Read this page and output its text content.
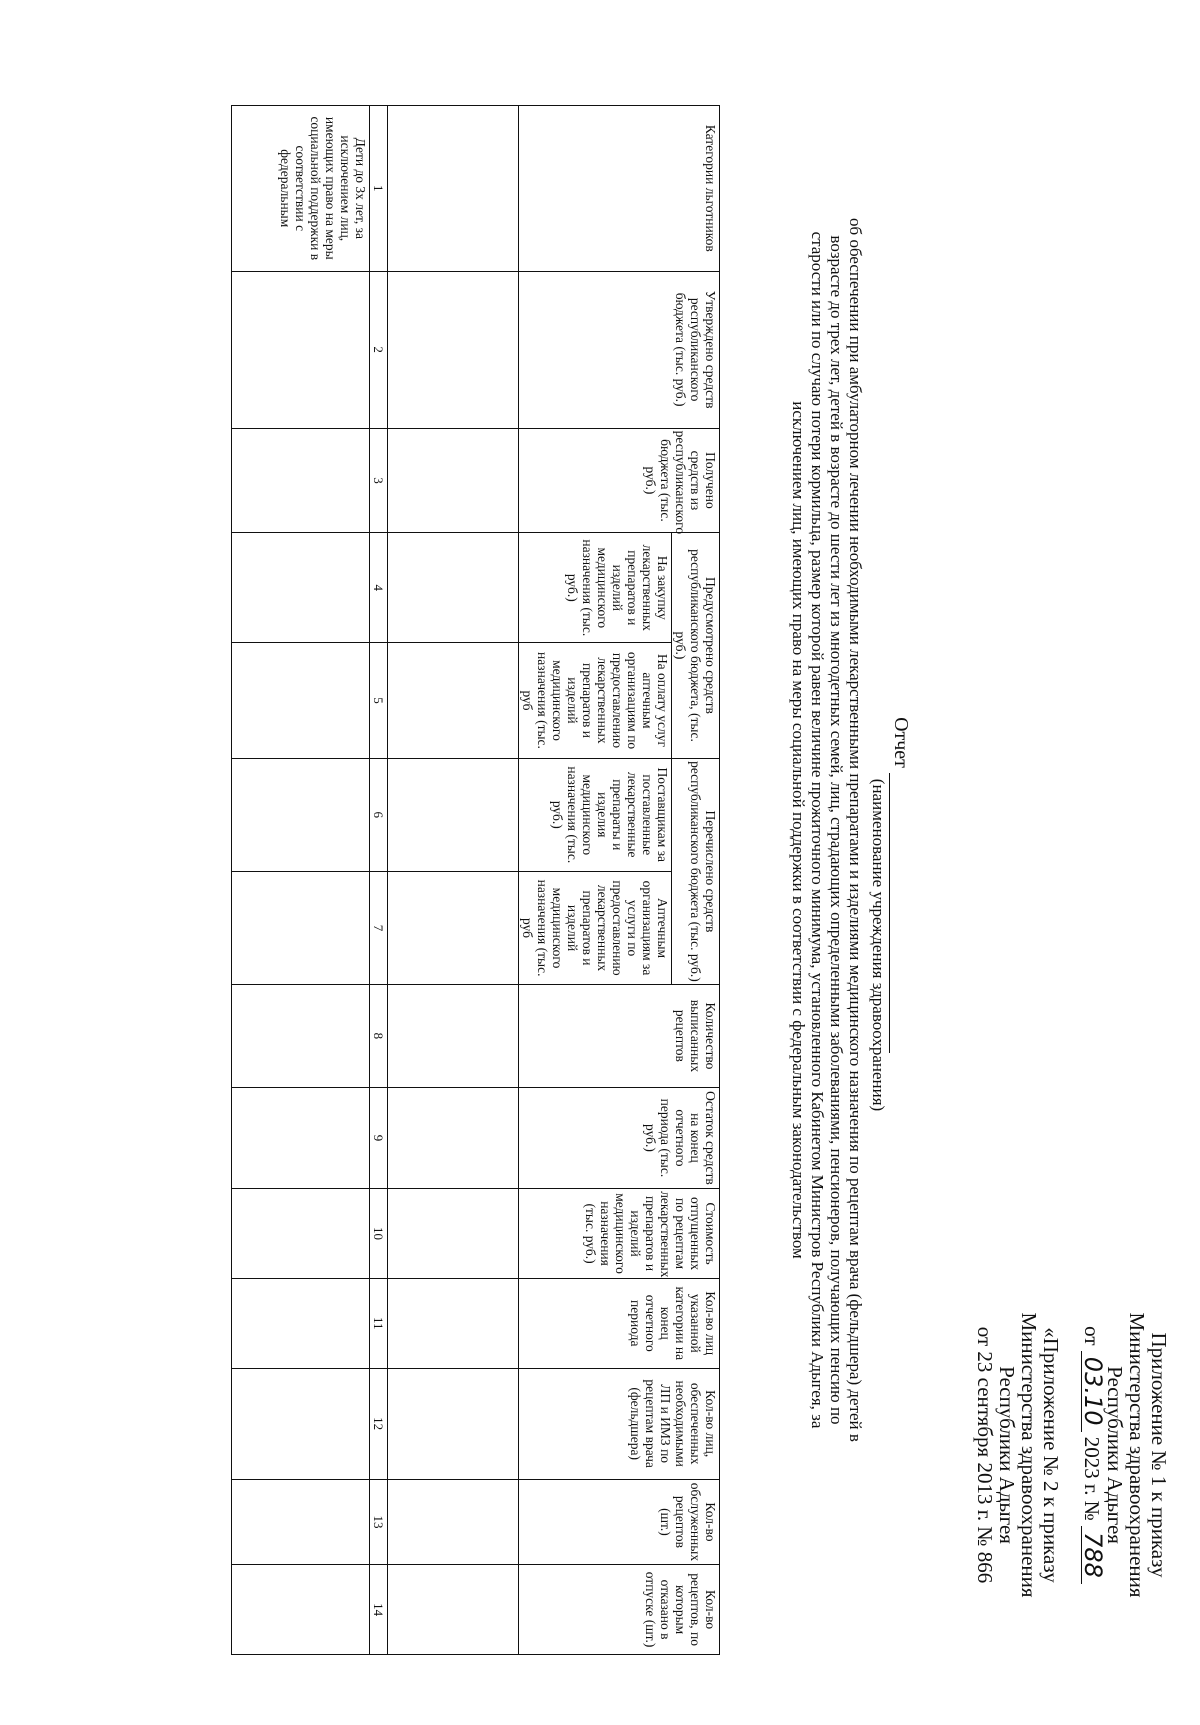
Приложение № 1 к приказу
Министерства здравоохранения
Республики Адыгея
от 03.10 2023 г. № 788
«Приложение № 2 к приказу
Министерства здравоохранения
Республики Адыгея
от 23 сентября 2013 г. № 866
Отчет
(наименование учреждения здравоохранения)
об обеспечении при амбулаторном лечении необходимыми лекарственными препаратами и изделиями медицинского назначения по рецептам врача (фельдшера) детей в
возрасте до трех лет, детей в возрасте до шести лет из многодетных семей, лиц, страдающих определенными заболеваниями, пенсионеров, получающих пенсию по
старости или по случаю потери кормильца, размер которой равен величине прожиточного минимума, установленного Кабинетом Министров Республики Адыгея, за
исключением лиц, имеющих право на меры социальной поддержки в соответствии с федеральным законодательством
Категории льготников	Утверждено средств республиканского бюджета (тыс. руб.)	Получено средств из республиканского бюджета (тыс. руб.)	Предусмотрено средств республиканского бюджета, (тыс. руб.)		Перечислено средств республиканского бюджета (тыс. руб.)		Количество выписанных рецептов	Остаток средств на конец отчетного периода (тыс. руб.)	Стоимость отпущенных по рецептам лекарственных препаратов и изделий медицинского назначения (тыс. руб.)	Кол-во лиц указанной категории на конец отчетного периода	Кол-во лиц, обеспеченных необходимыми ЛП и ИМЗ по рецептам врача (фельдшера)	Кол-во обслуженных рецептов (шт.)	Кол-во рецептов, по которым отказано в отпуске (шт.)
			На закупку лекарственных препаратов и изделий медицинского назначения (тыс. руб.)	На оплату услуг аптечным организациям по предоставлению лекарственных препаратов и изделий медицинского назначения (тыс. руб	Поставщикам за поставленные лекарственные препараты и изделия медицинского назначения (тыс. руб.)	Аптечным организациям за услуги по предоставлению лекарственных препаратов и изделий медицинского назначения (тыс. руб							

1	2	3	4	5	6	7	8	9	10	11	12	13	14
Дети до 3х лет, за исключением лиц, имеющих право на меры социальной поддержки в соответствии с федеральным													
